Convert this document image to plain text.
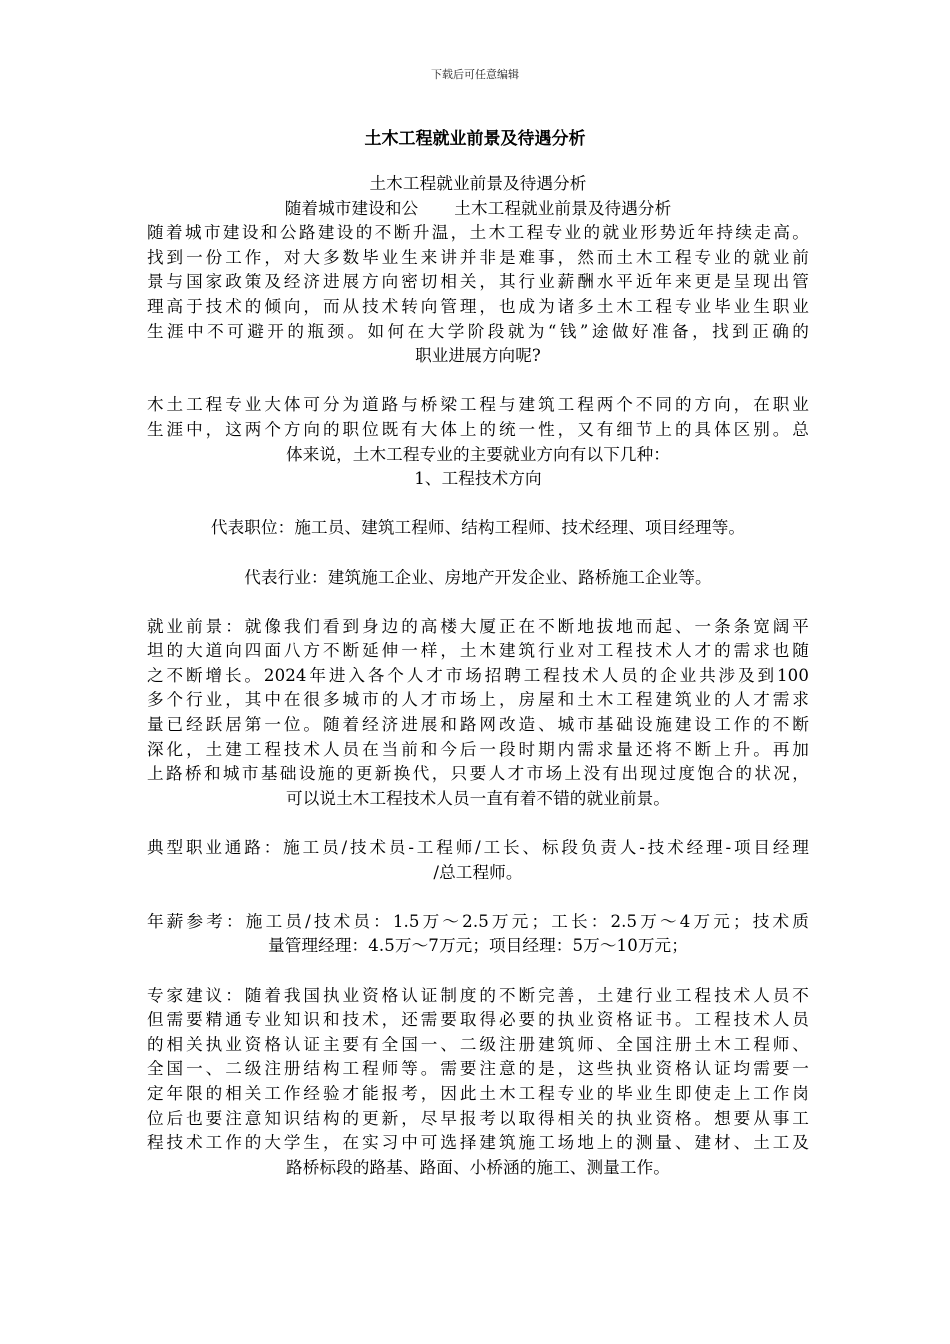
下载后可任意编辑
土木工程就业前景及待遇分析
土木工程就业前景及待遇分析
随着城市建设和公 土木工程就业前景及待遇分析
随着城市建设和公路建设的不断升温，土木工程专业的就业形势近年持续走高。
找到一份工作，对大多数毕业生来讲并非是难事，然而土木工程专业的就业前
景与国家政策及经济进展方向密切相关，其行业薪酬水平近年来更是呈现出管
理高于技术的倾向，而从技术转向管理，也成为诸多土木工程专业毕业生职业
生涯中不可避开的瓶颈。如何在大学阶段就为“钱”途做好准备，找到正确的
职业进展方向呢?
木土工程专业大体可分为道路与桥梁工程与建筑工程两个不同的方向，在职业
生涯中，这两个方向的职位既有大体上的统一性，又有细节上的具体区别。总
体来说，土木工程专业的主要就业方向有以下几种：
1、工程技术方向
代表职位：施工员、建筑工程师、结构工程师、技术经理、项目经理等。
代表行业：建筑施工企业、房地产开发企业、路桥施工企业等。
就业前景：就像我们看到身边的高楼大厦正在不断地拔地而起、一条条宽阔平
坦的大道向四面八方不断延伸一样，土木建筑行业对工程技术人才的需求也随
之不断增长。2024年进入各个人才市场招聘工程技术人员的企业共涉及到100
多个行业，其中在很多城市的人才市场上，房屋和土木工程建筑业的人才需求
量已经跃居第一位。随着经济进展和路网改造、城市基础设施建设工作的不断
深化，土建工程技术人员在当前和今后一段时期内需求量还将不断上升。再加
上路桥和城市基础设施的更新换代，只要人才市场上没有出现过度饱合的状况，
可以说土木工程技术人员一直有着不错的就业前景。
典型职业通路：施工员/技术员-工程师/工长、标段负责人-技术经理-项目经理
/总工程师。
年薪参考：施工员/技术员：1.5万～2.5万元；工长：2.5万～4万元；技术质
量管理经理：4.5万～7万元；项目经理：5万～10万元；
专家建议：随着我国执业资格认证制度的不断完善，土建行业工程技术人员不
但需要精通专业知识和技术，还需要取得必要的执业资格证书。工程技术人员
的相关执业资格认证主要有全国一、二级注册建筑师、全国注册土木工程师、
全国一、二级注册结构工程师等。需要注意的是，这些执业资格认证均需要一
定年限的相关工作经验才能报考，因此土木工程专业的毕业生即使走上工作岗
位后也要注意知识结构的更新，尽早报考以取得相关的执业资格。想要从事工
程技术工作的大学生，在实习中可选择建筑施工场地上的测量、建材、土工及
路桥标段的路基、路面、小桥涵的施工、测量工作。
